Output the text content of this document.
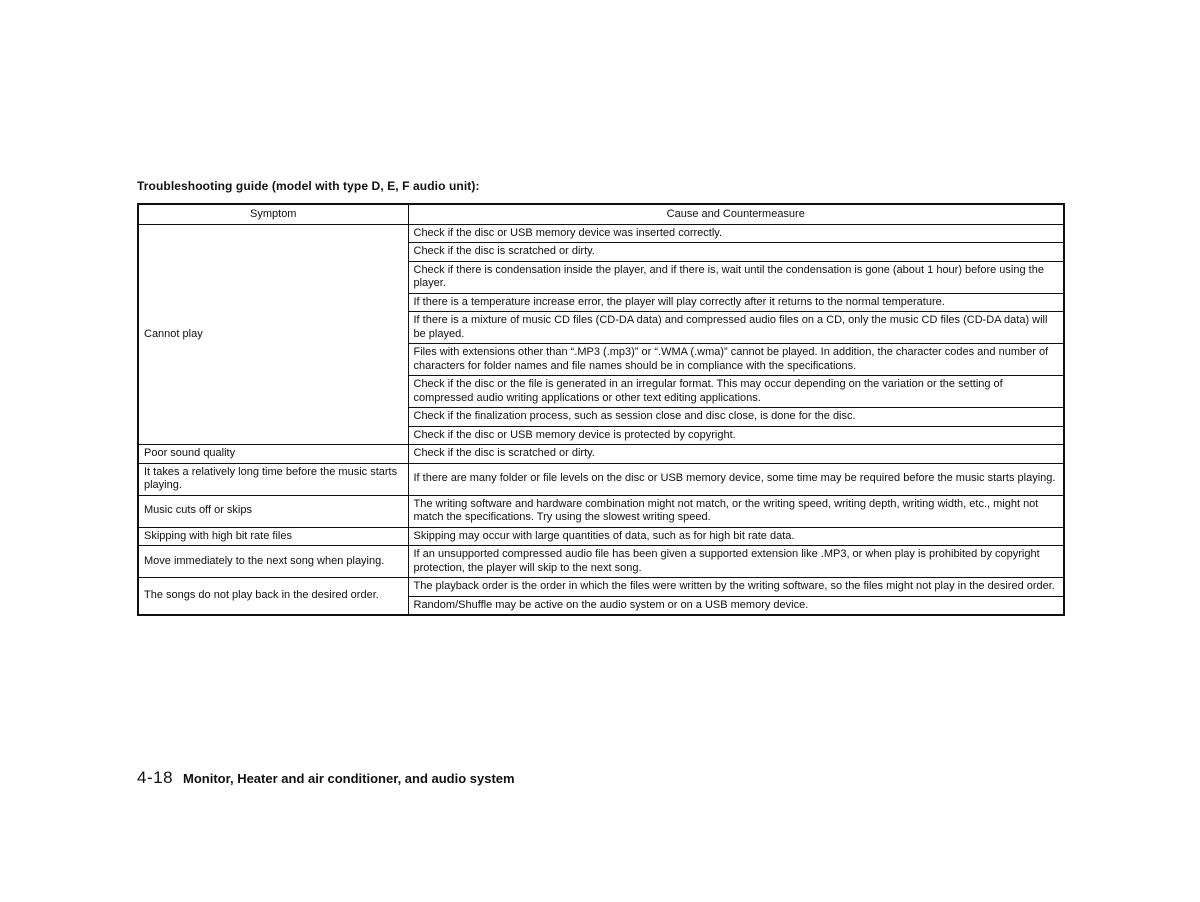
Troubleshooting guide (model with type D, E, F audio unit):
Symptom	Cause and Countermeasure
Cannot play	Check if the disc or USB memory device was inserted correctly.
	Check if the disc is scratched or dirty.
	Check if there is condensation inside the player, and if there is, wait until the condensation is gone (about 1 hour) before using the player.
	If there is a temperature increase error, the player will play correctly after it returns to the normal temperature.
	If there is a mixture of music CD files (CD-DA data) and compressed audio files on a CD, only the music CD files (CD-DA data) will be played.
	Files with extensions other than “.MP3 (.mp3)” or “.WMA (.wma)” cannot be played. In addition, the character codes and number of characters for folder names and file names should be in compliance with the specifications.
	Check if the disc or the file is generated in an irregular format. This may occur depending on the variation or the setting of compressed audio writing applications or other text editing applications.
	Check if the finalization process, such as session close and disc close, is done for the disc.
	Check if the disc or USB memory device is protected by copyright.
Poor sound quality	Check if the disc is scratched or dirty.
It takes a relatively long time before the music starts playing.	If there are many folder or file levels on the disc or USB memory device, some time may be required before the music starts playing.
Music cuts off or skips	The writing software and hardware combination might not match, or the writing speed, writing depth, writing width, etc., might not match the specifications. Try using the slowest writing speed.
Skipping with high bit rate files	Skipping may occur with large quantities of data, such as for high bit rate data.
Move immediately to the next song when playing.	If an unsupported compressed audio file has been given a supported extension like .MP3, or when play is prohibited by copyright protection, the player will skip to the next song.
The songs do not play back in the desired order.	The playback order is the order in which the files were written by the writing software, so the files might not play in the desired order.
	Random/Shuffle may be active on the audio system or on a USB memory device.
4-18 Monitor, Heater and air conditioner, and audio system
